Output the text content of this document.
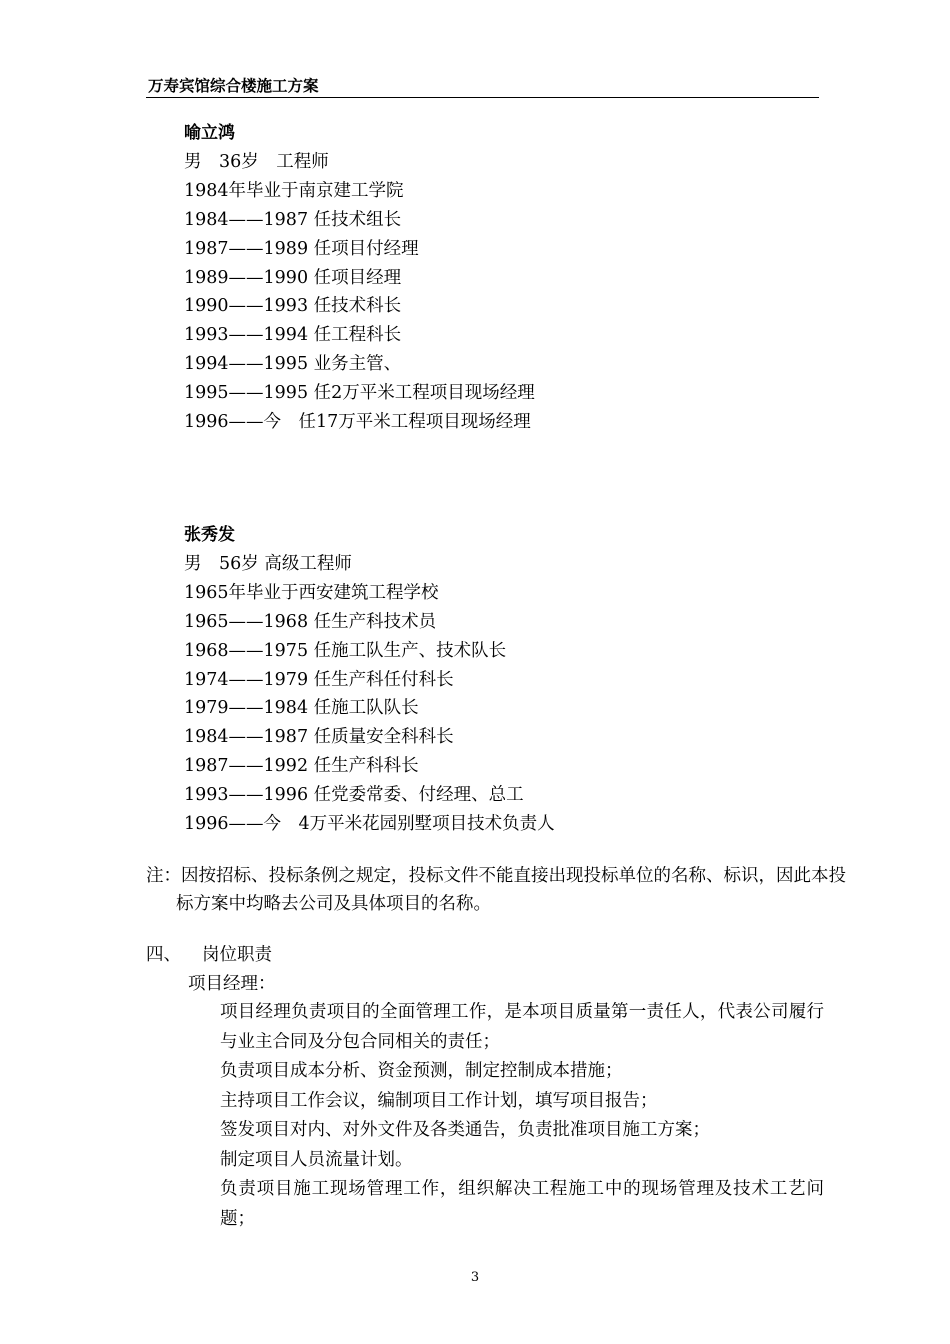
万寿宾馆综合楼施工方案
喻立鸿
男　36岁　工程师
1984年毕业于南京建工学院
1984——1987 任技术组长
1987——1989 任项目付经理
1989——1990 任项目经理
1990——1993 任技术科长
1993——1994 任工程科长
1994——1995 业务主管、
1995——1995 任2万平米工程项目现场经理
1996——今　任17万平米工程项目现场经理
张秀发
男　56岁 高级工程师
1965年毕业于西安建筑工程学校
1965——1968 任生产科技术员
1968——1975 任施工队生产、技术队长
1974——1979 任生产科任付科长
1979——1984 任施工队队长
1984——1987 任质量安全科科长
1987——1992 任生产科科长
1993——1996 任党委常委、付经理、总工
1996——今　4万平米花园别墅项目技术负责人
注：因按招标、投标条例之规定，投标文件不能直接出现投标单位的名称、标识，因此本投标方案中均略去公司及具体项目的名称。
四、 岗位职责
项目经理：
项目经理负责项目的全面管理工作，是本项目质量第一责任人，代表公司履行与业主合同及分包合同相关的责任；
负责项目成本分析、资金预测，制定控制成本措施；
主持项目工作会议，编制项目工作计划，填写项目报告；
签发项目对内、对外文件及各类通告，负责批准项目施工方案；
制定项目人员流量计划。
负责项目施工现场管理工作，组织解决工程施工中的现场管理及技术工艺问题；
3
